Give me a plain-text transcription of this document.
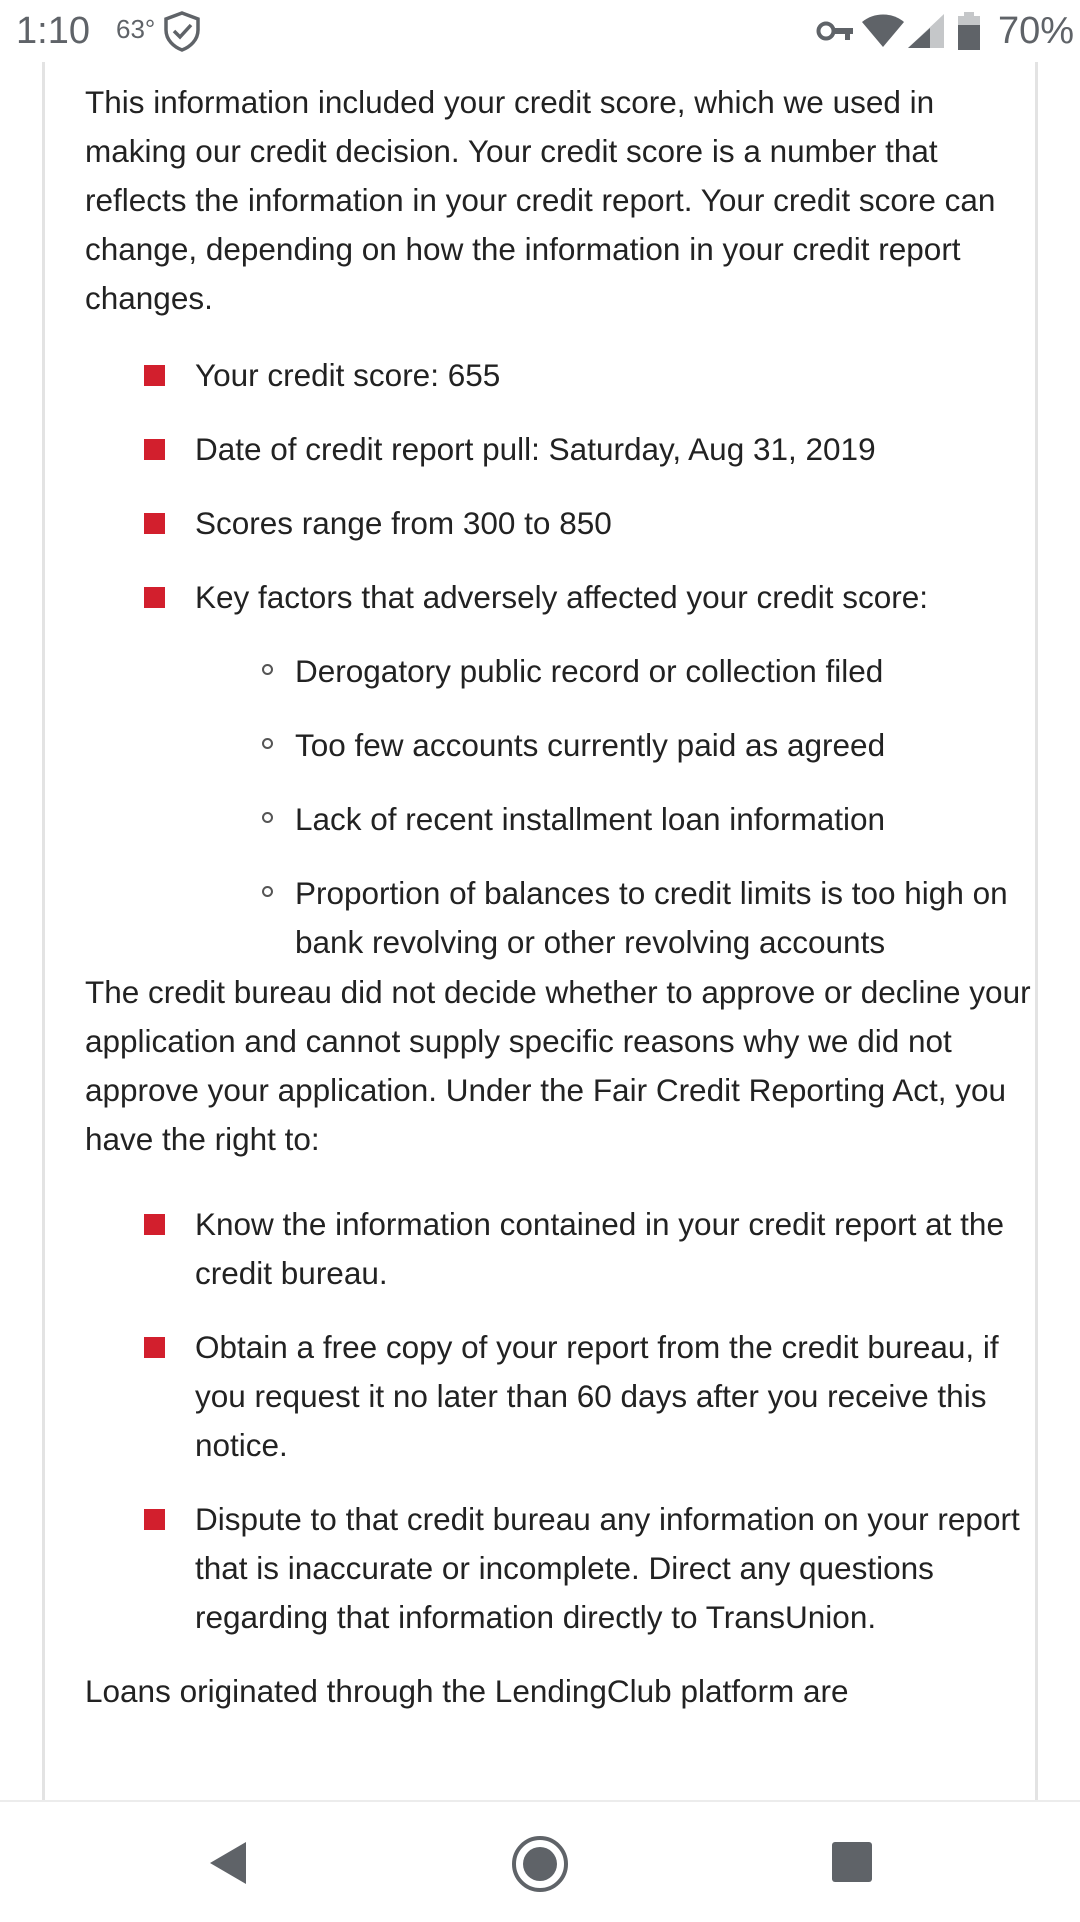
1:10 63°	70%

This information included your credit score, which we used in making our credit decision. Your credit score is a number that reflects the information in your credit report. Your credit score can change, depending on how the information in your credit report changes.

Your credit score: 655
Date of credit report pull: Saturday, Aug 31, 2019
Scores range from 300 to 850
Key factors that adversely affected your credit score:
Derogatory public record or collection filed
Too few accounts currently paid as agreed
Lack of recent installment loan information
Proportion of balances to credit limits is too high on bank revolving or other revolving accounts

The credit bureau did not decide whether to approve or decline your application and cannot supply specific reasons why we did not approve your application. Under the Fair Credit Reporting Act, you have the right to:

Know the information contained in your credit report at the credit bureau.
Obtain a free copy of your report from the credit bureau, if you request it no later than 60 days after you receive this notice.
Dispute to that credit bureau any information on your report that is inaccurate or incomplete. Direct any questions regarding that information directly to TransUnion.

Loans originated through the LendingClub platform are
